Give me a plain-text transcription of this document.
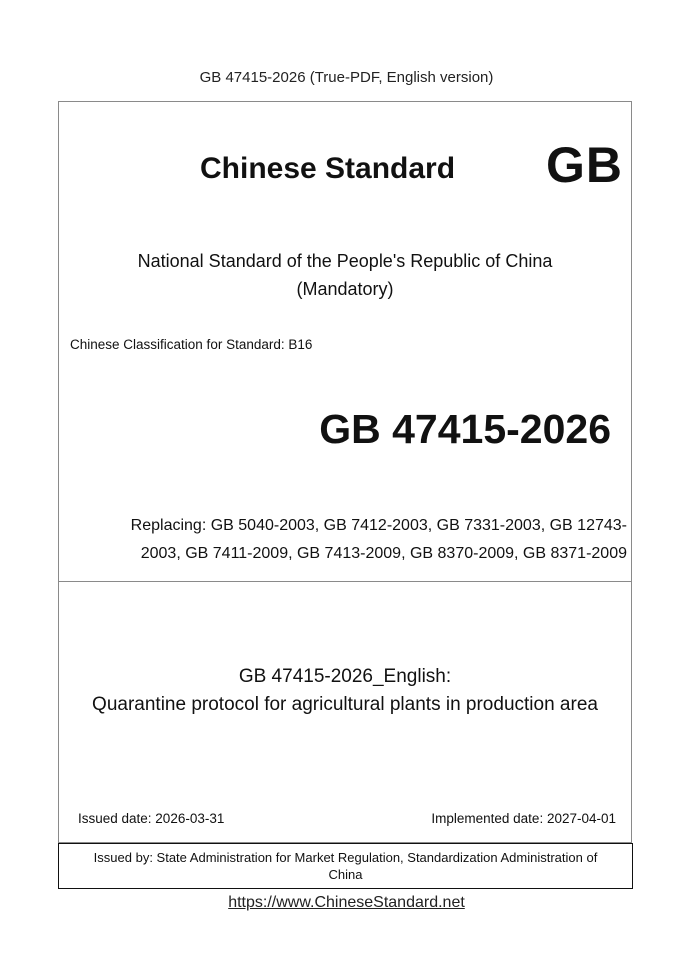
GB 47415-2026 (True-PDF, English version)
Chinese Standard GB
National Standard of the People's Republic of China
(Mandatory)
Chinese Classification for Standard: B16
GB 47415-2026
Replacing: GB 5040-2003, GB 7412-2003, GB 7331-2003, GB 12743-
2003, GB 7411-2009, GB 7413-2009, GB 8370-2009, GB 8371-2009
GB 47415-2026_English:
Quarantine protocol for agricultural plants in production area
Issued date: 2026-03-31	Implemented date: 2027-04-01
Issued by: State Administration for Market Regulation, Standardization Administration of
China
https://www.ChineseStandard.net
